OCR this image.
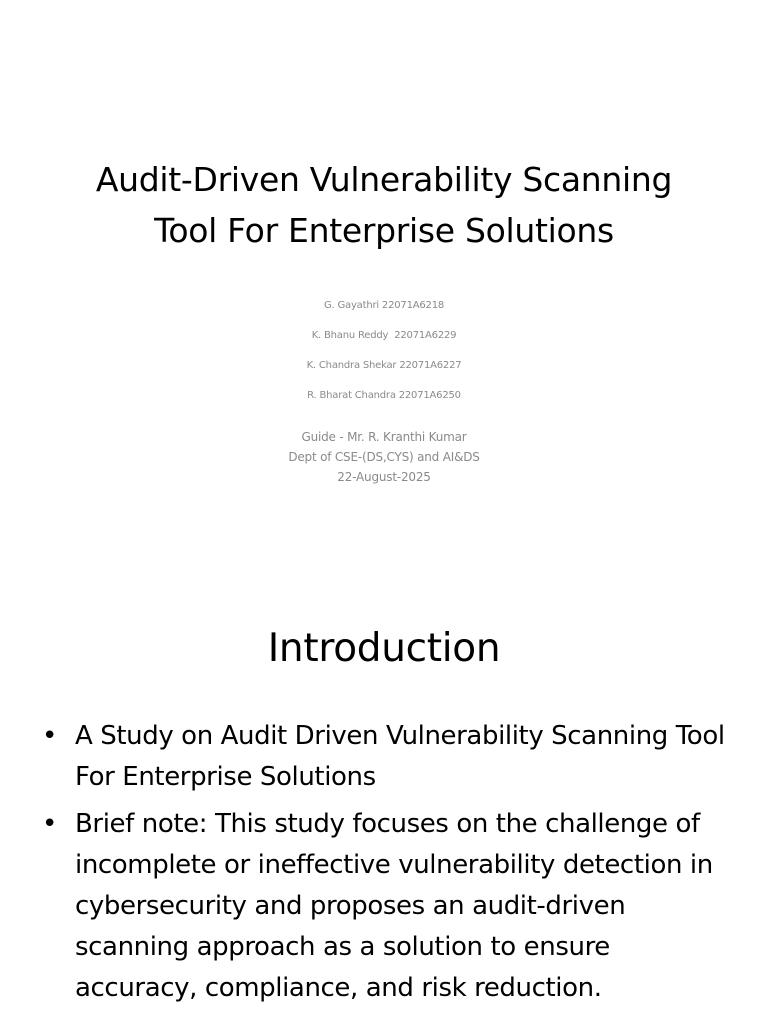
Audit-Driven Vulnerability Scanning
Tool For Enterprise Solutions
G. Gayathri 22071A6218
K. Bhanu Reddy  22071A6229
K. Chandra Shekar 22071A6227
R. Bharat Chandra 22071A6250
Guide - Mr. R. Kranthi Kumar
Dept of CSE-(DS,CYS) and AI&DS
22-August-2025
Introduction
• A Study on Audit Driven Vulnerability Scanning Tool For Enterprise Solutions
• Brief note: This study focuses on the challenge of incomplete or ineffective vulnerability detection in cybersecurity and proposes an audit-driven scanning approach as a solution to ensure accuracy, compliance, and risk reduction.
